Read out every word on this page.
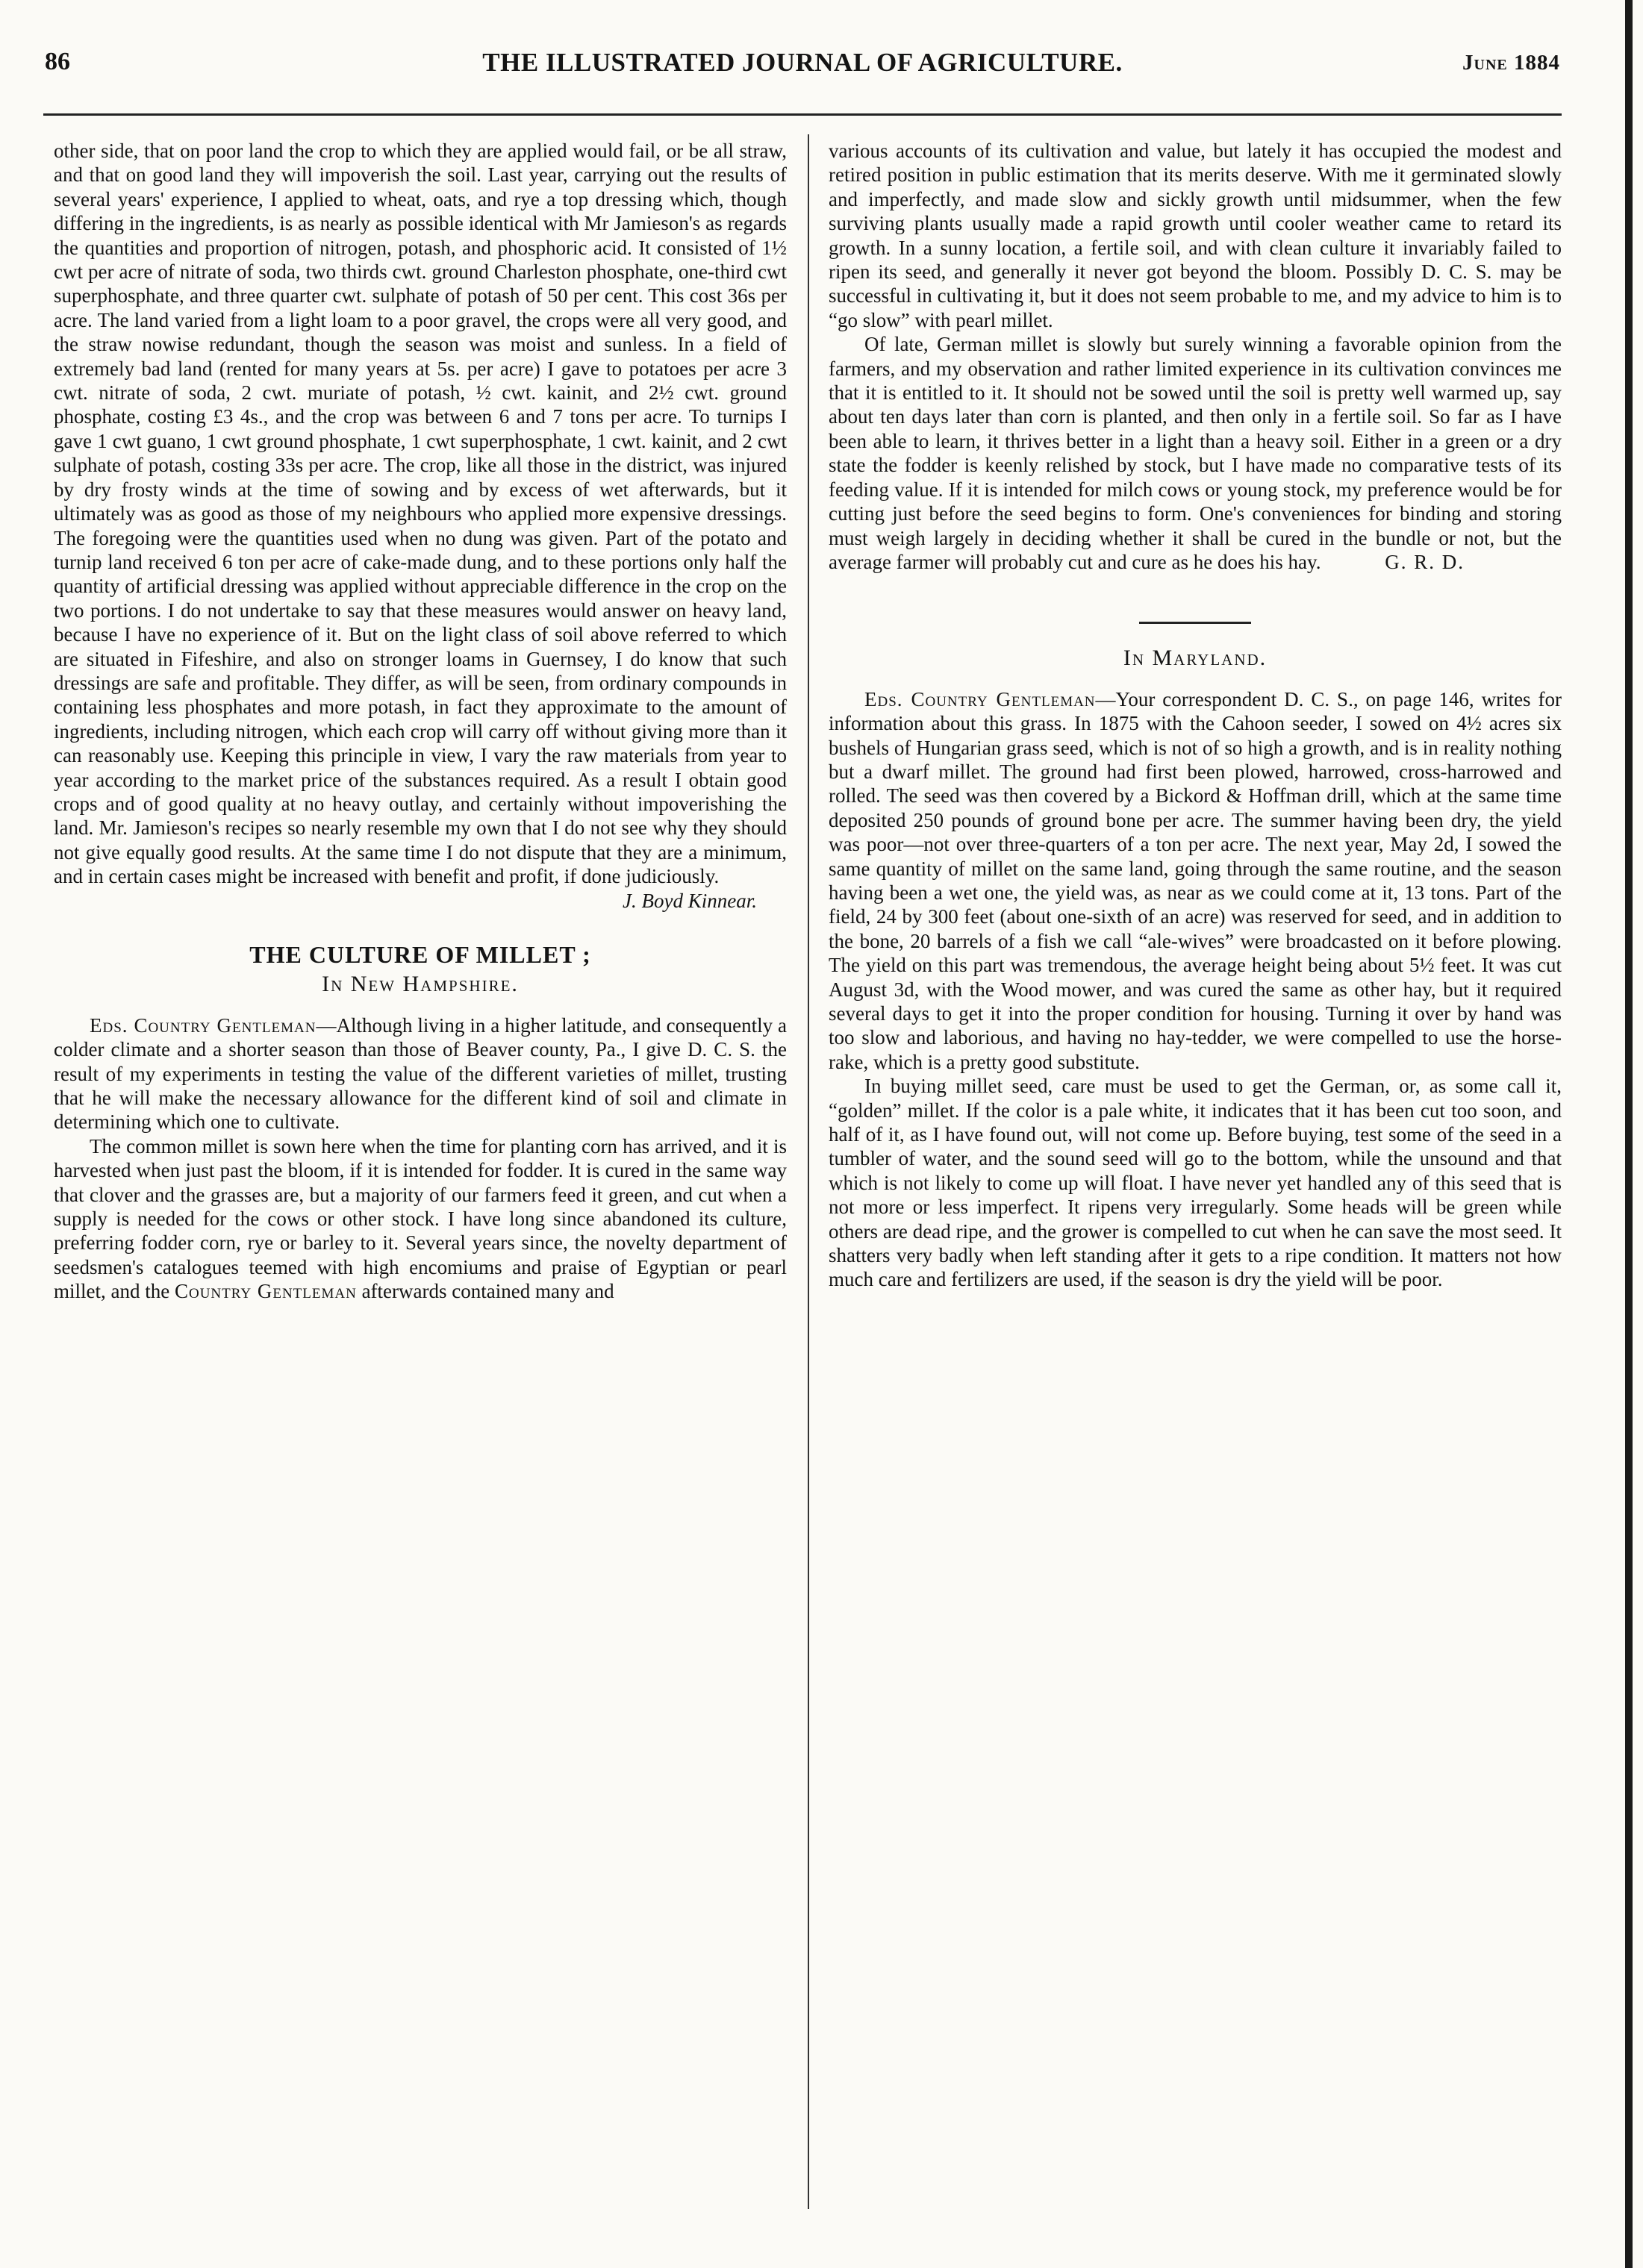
86	THE ILLUSTRATED JOURNAL OF AGRICULTURE.	June 1884

other side, that on poor land the crop to which they are applied would fail, or be all straw, and that on good land they will impoverish the soil. Last year, carrying out the results of several years' experience, I applied to wheat, oats, and rye a top dressing which, though differing in the ingredients, is as nearly as possible identical with Mr Jamieson's as regards the quantities and proportion of nitrogen, potash, and phosphoric acid. It consisted of 1½ cwt per acre of nitrate of soda, two thirds cwt. ground Charleston phosphate, one-third cwt superphosphate, and three quarter cwt. sulphate of potash of 50 per cent. This cost 36s per acre. The land varied from a light loam to a poor gravel, the crops were all very good, and the straw nowise redundant, though the season was moist and sunless. In a field of extremely bad land (rented for many years at 5s. per acre) I gave to potatoes per acre 3 cwt. nitrate of soda, 2 cwt. muriate of potash, ½ cwt. kainit, and 2½ cwt. ground phosphate, costing £3 4s., and the crop was between 6 and 7 tons per acre. To turnips I gave 1 cwt guano, 1 cwt ground phosphate, 1 cwt superphosphate, 1 cwt. kainit, and 2 cwt sulphate of potash, costing 33s per acre. The crop, like all those in the district, was injured by dry frosty winds at the time of sowing and by excess of wet afterwards, but it ultimately was as good as those of my neighbours who applied more expensive dressings. The foregoing were the quantities used when no dung was given. Part of the potato and turnip land received 6 ton per acre of cake-made dung, and to these portions only half the quantity of artificial dressing was applied without appreciable difference in the crop on the two portions. I do not undertake to say that these measures would answer on heavy land, because I have no experience of it. But on the light class of soil above referred to which are situated in Fifeshire, and also on stronger loams in Guernsey, I do know that such dressings are safe and profitable. They differ, as will be seen, from ordinary compounds in containing less phosphates and more potash, in fact they approximate to the amount of ingredients, including nitrogen, which each crop will carry off without giving more than it can reasonably use. Keeping this principle in view, I vary the raw materials from year to year according to the market price of the substances required. As a result I obtain good crops and of good quality at no heavy outlay, and certainly without impoverishing the land. Mr. Jamieson's recipes so nearly resemble my own that I do not see why they should not give equally good results. At the same time I do not dispute that they are a minimum, and in certain cases might be increased with benefit and profit, if done judiciously.

J. Boyd Kinnear.

THE CULTURE OF MILLET ;
In New Hampshire.

Eds. Country Gentleman—Although living in a higher latitude, and consequently a colder climate and a shorter season than those of Beaver county, Pa., I give D. C. S. the result of my experiments in testing the value of the different varieties of millet, trusting that he will make the necessary allowance for the different kind of soil and climate in determining which one to cultivate.

The common millet is sown here when the time for planting corn has arrived, and it is harvested when just past the bloom, if it is intended for fodder. It is cured in the same way that clover and the grasses are, but a majority of our farmers feed it green, and cut when a supply is needed for the cows or other stock. I have long since abandoned its culture, preferring fodder corn, rye or barley to it. Several years since, the novelty department of seedsmen's catalogues teemed with high encomiums and praise of Egyptian or pearl millet, and the Country Gentleman afterwards contained many and

various accounts of its cultivation and value, but lately it has occupied the modest and retired position in public estimation that its merits deserve. With me it germinated slowly and imperfectly, and made slow and sickly growth until midsummer, when the few surviving plants usually made a rapid growth until cooler weather came to retard its growth. In a sunny location, a fertile soil, and with clean culture it invariably failed to ripen its seed, and generally it never got beyond the bloom. Possibly D. C. S. may be successful in cultivating it, but it does not seem probable to me, and my advice to him is to “go slow” with pearl millet.

Of late, German millet is slowly but surely winning a favorable opinion from the farmers, and my observation and rather limited experience in its cultivation convinces me that it is entitled to it. It should not be sowed until the soil is pretty well warmed up, say about ten days later than corn is planted, and then only in a fertile soil. So far as I have been able to learn, it thrives better in a light than a heavy soil. Either in a green or a dry state the fodder is keenly relished by stock, but I have made no comparative tests of its feeding value. If it is intended for milch cows or young stock, my preference would be for cutting just before the seed begins to form. One's conveniences for binding and storing must weigh largely in deciding whether it shall be cured in the bundle or not, but the average farmer will probably cut and cure as he does his hay.	G. R. D.

In Maryland.

Eds. Country Gentleman—Your correspondent D. C. S., on page 146, writes for information about this grass. In 1875 with the Cahoon seeder, I sowed on 4½ acres six bushels of Hungarian grass seed, which is not of so high a growth, and is in reality nothing but a dwarf millet. The ground had first been plowed, harrowed, cross-harrowed and rolled. The seed was then covered by a Bickord & Hoffman drill, which at the same time deposited 250 pounds of ground bone per acre. The summer having been dry, the yield was poor—not over three-quarters of a ton per acre. The next year, May 2d, I sowed the same quantity of millet on the same land, going through the same routine, and the season having been a wet one, the yield was, as near as we could come at it, 13 tons. Part of the field, 24 by 300 feet (about one-sixth of an acre) was reserved for seed, and in addition to the bone, 20 barrels of a fish we call “ale-wives” were broadcasted on it before plowing. The yield on this part was tremendous, the average height being about 5½ feet. It was cut August 3d, with the Wood mower, and was cured the same as other hay, but it required several days to get it into the proper condition for housing. Turning it over by hand was too slow and laborious, and having no hay-tedder, we were compelled to use the horse-rake, which is a pretty good substitute.

In buying millet seed, care must be used to get the German, or, as some call it, “golden” millet. If the color is a pale white, it indicates that it has been cut too soon, and half of it, as I have found out, will not come up. Before buying, test some of the seed in a tumbler of water, and the sound seed will go to the bottom, while the unsound and that which is not likely to come up will float. I have never yet handled any of this seed that is not more or less imperfect. It ripens very irregularly. Some heads will be green while others are dead ripe, and the grower is compelled to cut when he can save the most seed. It shatters very badly when left standing after it gets to a ripe condition. It matters not how much care and fertilizers are used, if the season is dry the yield will be poor.
